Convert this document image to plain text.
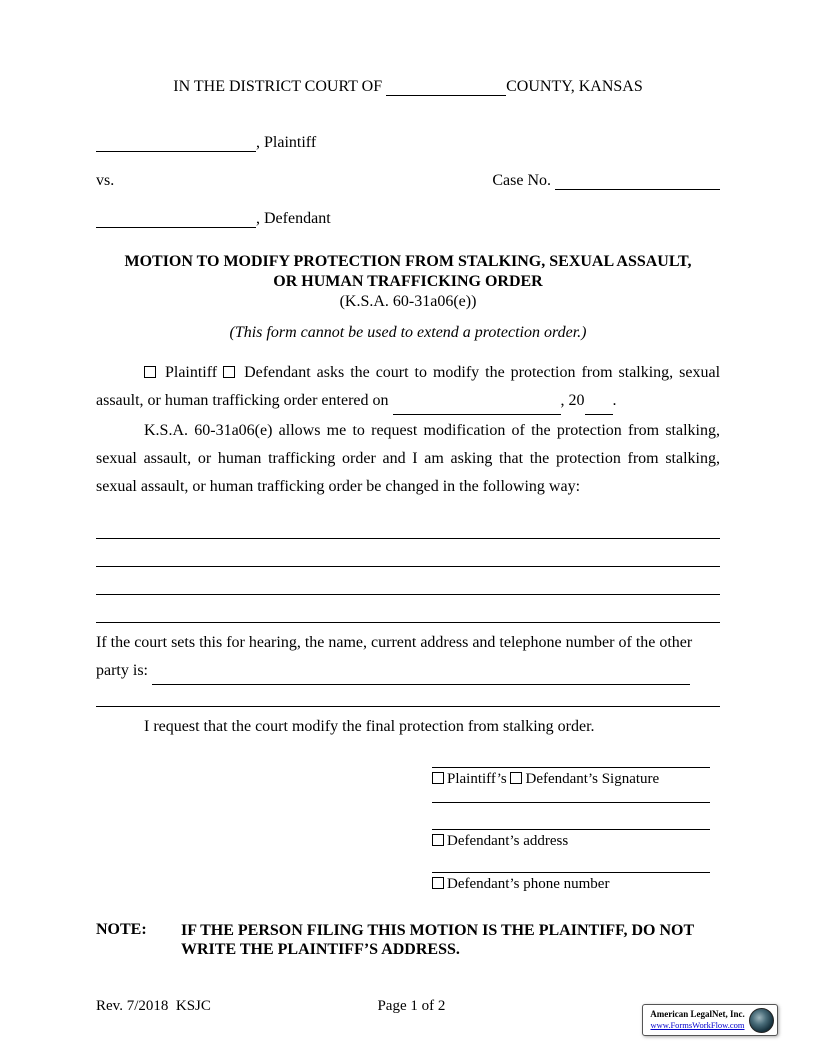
IN THE DISTRICT COURT OF	COUNTY, KANSAS
, Plaintiff
vs.	Case No.
, Defendant
MOTION TO MODIFY PROTECTION FROM STALKING, SEXUAL ASSAULT,
OR HUMAN TRAFFICKING ORDER
(K.S.A. 60-31a06(e))
(This form cannot be used to extend a protection order.)

Plaintiff Defendant asks the court to modify the protection from stalking, sexual assault, or human trafficking order entered on	, 20 .

K.S.A. 60-31a06(e) allows me to request modification of the protection from stalking, sexual assault, or human trafficking order and I am asking that the protection from stalking, sexual assault, or human trafficking order be changed in the following way:

If the court sets this for hearing, the name, current address and telephone number of the other party is:

I request that the court modify the final protection from stalking order.

Plaintiff’s Defendant’s Signature
Defendant’s address
Defendant’s phone number
NOTE:	IF THE PERSON FILING THIS MOTION IS THE PLAINTIFF, DO NOT WRITE THE PLAINTIFF’S ADDRESS.
Rev. 7/2018  KSJC	Page 1 of 2	American LegalNet, Inc.
www.FormsWorkFlow.com
